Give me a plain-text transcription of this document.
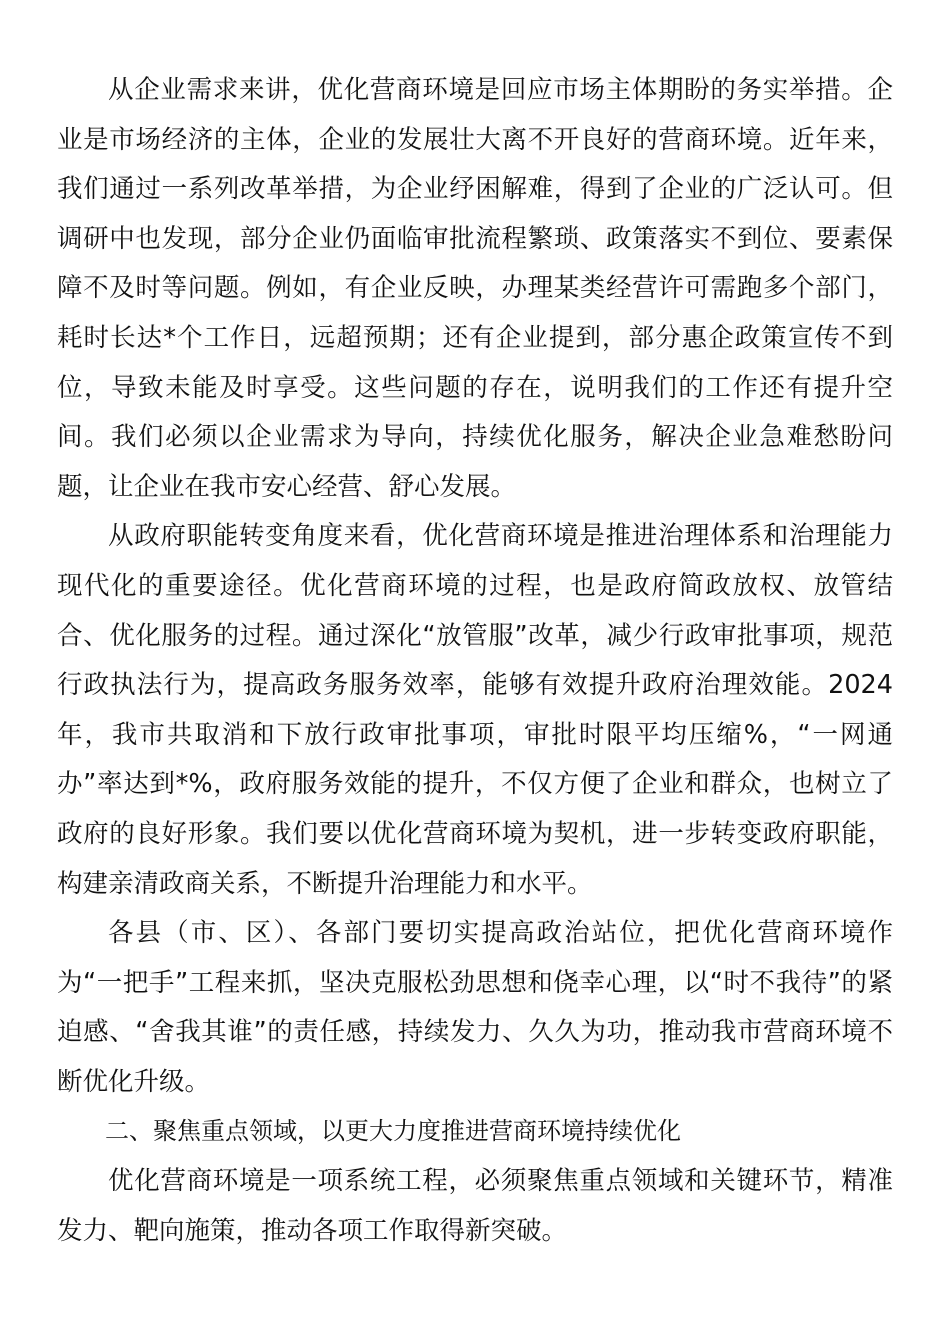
从企业需求来讲，优化营商环境是回应市场主体期盼的务实举措。企业是市场经济的主体，企业的发展壮大离不开良好的营商环境。近年来，我们通过一系列改革举措，为企业纾困解难，得到了企业的广泛认可。但调研中也发现，部分企业仍面临审批流程繁琐、政策落实不到位、要素保障不及时等问题。例如，有企业反映，办理某类经营许可需跑多个部门，耗时长达*个工作日，远超预期；还有企业提到，部分惠企政策宣传不到位，导致未能及时享受。这些问题的存在，说明我们的工作还有提升空间。我们必须以企业需求为导向，持续优化服务，解决企业急难愁盼问题，让企业在我市安心经营、舒心发展。

从政府职能转变角度来看，优化营商环境是推进治理体系和治理能力现代化的重要途径。优化营商环境的过程，也是政府简政放权、放管结合、优化服务的过程。通过深化“放管服”改革，减少行政审批事项，规范行政执法行为，提高政务服务效率，能够有效提升政府治理效能。2024年，我市共取消和下放行政审批事项，审批时限平均压缩%，“一网通办”率达到*%，政府服务效能的提升，不仅方便了企业和群众，也树立了政府的良好形象。我们要以优化营商环境为契机，进一步转变政府职能，构建亲清政商关系，不断提升治理能力和水平。

各县（市、区）、各部门要切实提高政治站位，把优化营商环境作为“一把手”工程来抓，坚决克服松劲思想和侥幸心理，以“时不我待”的紧迫感、“舍我其谁”的责任感，持续发力、久久为功，推动我市营商环境不断优化升级。

二、聚焦重点领域，以更大力度推进营商环境持续优化

优化营商环境是一项系统工程，必须聚焦重点领域和关键环节，精准发力、靶向施策，推动各项工作取得新突破。
